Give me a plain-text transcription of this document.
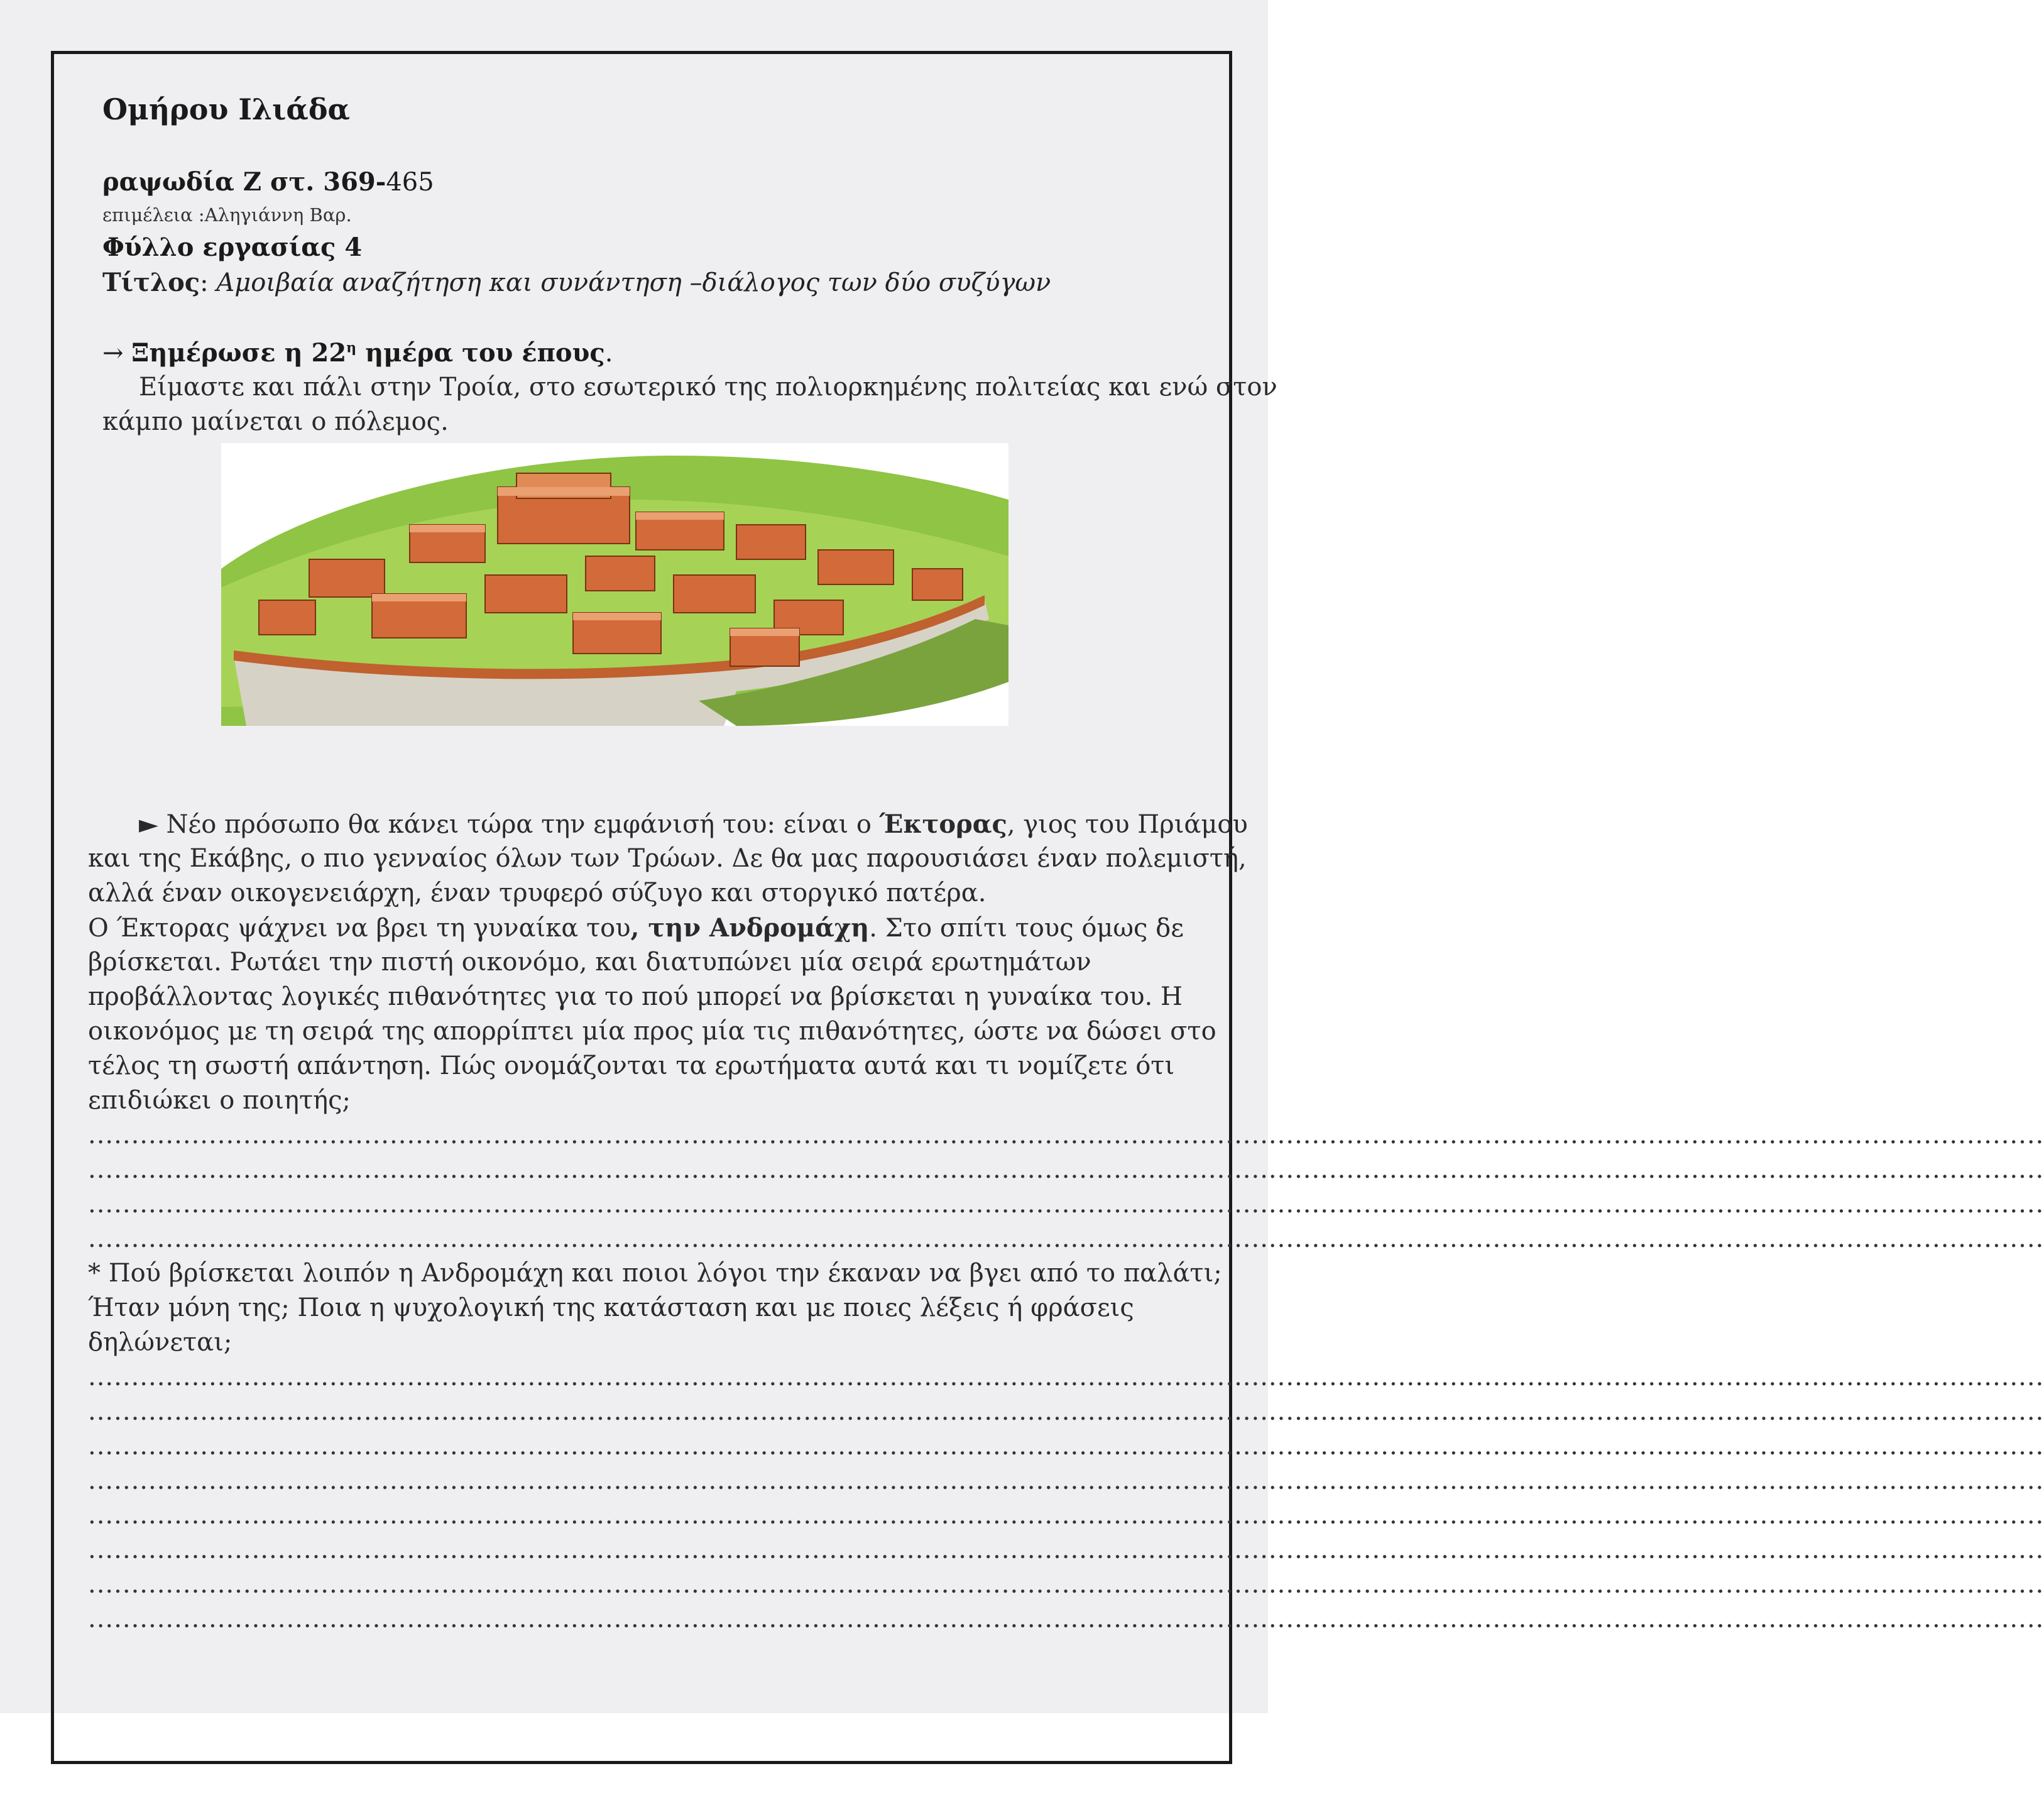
Ομήρου Ιλιάδα
ραψωδία Ζ στ. 369-465
επιμέλεια :Αληγιάννη Βαρ.
Φύλλο εργασίας 4
Τίτλος: Αμοιβαία αναζήτηση και συνάντηση –διάλογος των δύο συζύγων
→ Ξημέρωσε η $22^\eta$ ημέρα του έπους.
Είμαστε και πάλι στην Τροία, στο εσωτερικό της πολιορκημένης πολιτείας και ενώ στον
κάμπο μαίνεται ο πόλεμος.
► Νέο πρόσωπο θα κάνει τώρα την εμφάνισή του: είναι ο Έκτορας, γιος του Πριάμου
και της Εκάβης, ο πιο γενναίος όλων των Τρώων. Δε θα μας παρουσιάσει έναν πολεμιστή,
αλλά έναν οικογενειάρχη, έναν τρυφερό σύζυγο και στοργικό πατέρα.
Ο Έκτορας ψάχνει να βρει τη γυναίκα του, την Ανδρομάχη. Στο σπίτι τους όμως δε
βρίσκεται. Ρωτάει την πιστή οικονόμο, και διατυπώνει μία σειρά ερωτημάτων
προβάλλοντας λογικές πιθανότητες για το πού μπορεί να βρίσκεται η γυναίκα του. Η
οικονόμος με τη σειρά της απορρίπτει μία προς μία τις πιθανότητες, ώστε να δώσει στο
τέλος τη σωστή απάντηση. Πώς ονομάζονται τα ερωτήματα αυτά και τι νομίζετε ότι
επιδιώκει ο ποιητής;
...................................................................................................................................................................................................................................
...................................................................................................................................................................................................................................
...................................................................................................................................................................................................................................
...................................................................................................................................................................................................................................
* Πού βρίσκεται λοιπόν η Ανδρομάχη και ποιοι λόγοι την έκαναν να βγει από το παλάτι;
Ήταν μόνη της; Ποια η ψυχολογική της κατάσταση και με ποιες λέξεις ή φράσεις
δηλώνεται;
...................................................................................................................................................................................................................................
...................................................................................................................................................................................................................................
...................................................................................................................................................................................................................................
...................................................................................................................................................................................................................................
...................................................................................................................................................................................................................................
...................................................................................................................................................................................................................................
...................................................................................................................................................................................................................................
...................................................................................................................................................................................................................................
